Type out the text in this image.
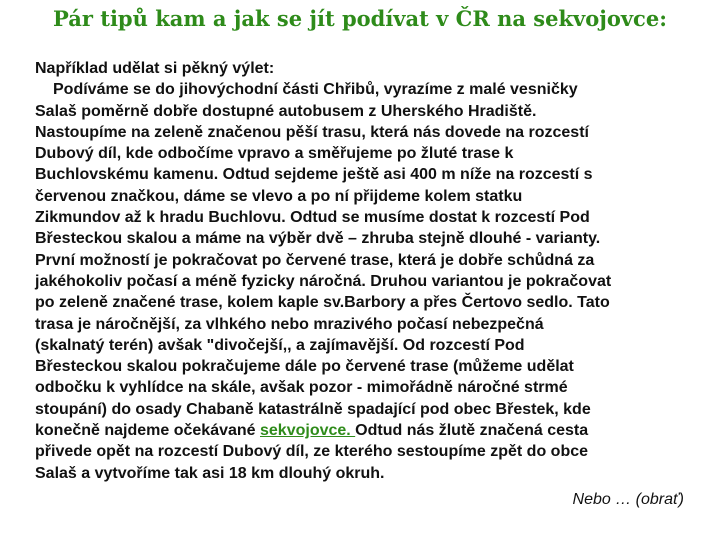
Pár tipů kam a jak se jít podívat v ČR na sekvojovce:
Například udělat si pěkný výlet:
Podíváme se do jihovýchodní části Chřibů, vyrazíme z malé vesničky
Salaš poměrně dobře dostupné autobusem z Uherského Hradiště.
Nastoupíme na zeleně značenou pěší trasu, která nás dovede na rozcestí
Dubový díl, kde odbočíme vpravo a směřujeme po žluté trase k
Buchlovskému kamenu. Odtud sejdeme ještě asi 400 m níže na rozcestí s
červenou značkou, dáme se vlevo a po ní přijdeme kolem statku
Zikmundov až k hradu Buchlovu. Odtud se musíme dostat k rozcestí Pod
Břesteckou skalou a máme na výběr dvě – zhruba stejně dlouhé - varianty.
První možností je pokračovat po červené trase, která je dobře schůdná za
jakéhokoliv počasí a méně fyzicky náročná. Druhou variantou je pokračovat
po zeleně značené trase, kolem kaple sv.Barbory a přes Čertovo sedlo. Tato
trasa je náročnější, za vlhkého nebo mrazivého počasí nebezpečná
(skalnatý terén) avšak "divočejší,, a zajímavější. Od rozcestí Pod
Břesteckou skalou pokračujeme dále po červené trase (můžeme udělat
odbočku k vyhlídce na skále, avšak pozor - mimořádně náročné strmé
stoupání) do osady Chabaně katastrálně spadající pod obec Břestek, kde
konečně najdeme očekávané sekvojovce. Odtud nás žlutě značená cesta
přivede opět na rozcestí Dubový díl, ze kterého sestoupíme zpět do obce
Salaš a vytvoříme tak asi 18 km dlouhý okruh.
Nebo … (obrať)
